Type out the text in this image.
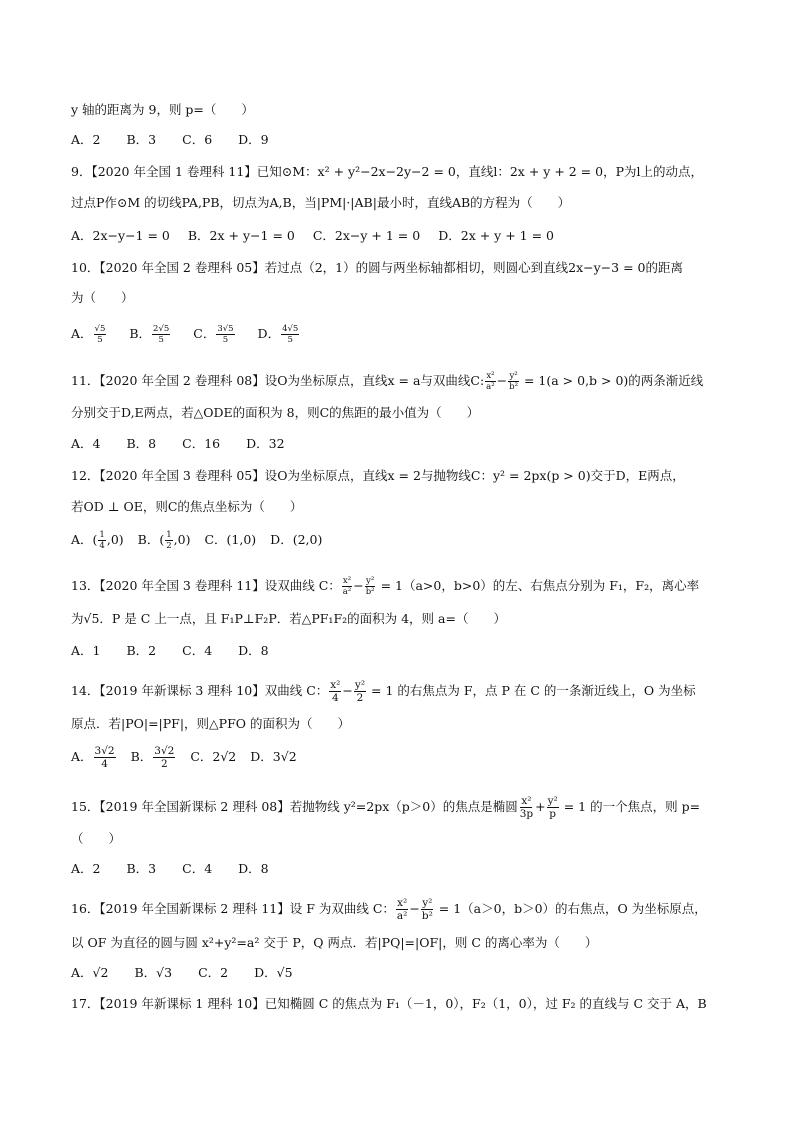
y 轴的距离为 9，则 p=（　　）
A．2 B．3 C．6 D．9
9．【2020 年全国 1 卷理科 11】已知⊙M：x² + y²−2x−2y−2 = 0，直线l：2x + y + 2 = 0，P为l上的动点，
过点P作⊙M 的切线PA,PB，切点为A,B，当|PM|·|AB|最小时，直线AB的方程为（　　）
A．2x−y−1 = 0 B．2x + y−1 = 0 C．2x−y + 1 = 0 D．2x + y + 1 = 0
10．【2020 年全国 2 卷理科 05】若过点（2，1）的圆与两坐标轴都相切，则圆心到直线2x−y−3 = 0的距离
为（　　）
A． $\frac{√5}{5}$ B． $\frac{2√5}{5}$ C． $\frac{3√5}{5}$ D． $\frac{4√5}{5}$
11．【2020 年全国 2 卷理科 08】设O为坐标原点，直线x = a与双曲线C: $\frac{\text{x²}}{\text{a²}} - \frac{\text{y²}}{\text{b²}} = 1(a > 0,b > 0)$的两条渐近线
分别交于D,E两点，若△ODE的面积为 8，则C的焦距的最小值为（　　）
A．4 B．8 C．16 D．32
12．【2020 年全国 3 卷理科 05】设O为坐标原点，直线x = 2与抛物线C：y² = 2px(p > 0)交于D，E两点，
若OD ⊥ OE，则C的焦点坐标为（　　）
A．( $\frac{1}{4} ,0$) B．( $\frac{1}{2} ,0$) C．(1,0) D．(2,0)
13．【2020 年全国 3 卷理科 11】设双曲线 C： $\frac{\text{x²}}{\text{a²}} - \frac{\text{y²}}{\text{b²}} = 1(a>0$，b>0）的左、右焦点分别为 F₁，F₂，离心率
为√5．P 是 C 上一点，且 F₁P⊥F₂P．若△PF₁F₂的面积为 4，则 a=（　　）
A．1 B．2 C．4 D．8
14．【2019 年新课标 3 理科 10】双曲线 C： $\frac{\text{x²}}{4} - \frac{\text{y²}}{2} = 1$ 的右焦点为 F，点 P 在 C 的一条渐近线上，O 为坐标
原点．若|PO|=|PF|，则△PFO 的面积为（　　）
A． $\frac{3√2}{4}$ B． $\frac{3√2}{2}$ C．2√2 D．3√2
15．【2019 年全国新课标 2 理科 08】若抛物线 y²=2px（p＞0）的焦点是椭圆 $\frac{\text{x²}}{3p} + \frac{\text{y²}}{p} = 1$ 的一个焦点，则 p=
（　　）
A．2 B．3 C．4 D．8
16．【2019 年全国新课标 2 理科 11】设 F 为双曲线 C： $\frac{\text{x²}}{\text{a²}} - \frac{\text{y²}}{\text{b²}} = 1(a>0$，b＞0）的右焦点，O 为坐标原点，
以 OF 为直径的圆与圆 x²+y²=a² 交于 P，Q 两点．若|PQ|=|OF|，则 C 的离心率为（　　）
A．√2 B．√3 C．2 D．√5
17．【2019 年新课标 1 理科 10】已知椭圆 C 的焦点为 F₁（－1，0），F₂（1，0），过 F₂ 的直线与 C 交于 A，B
